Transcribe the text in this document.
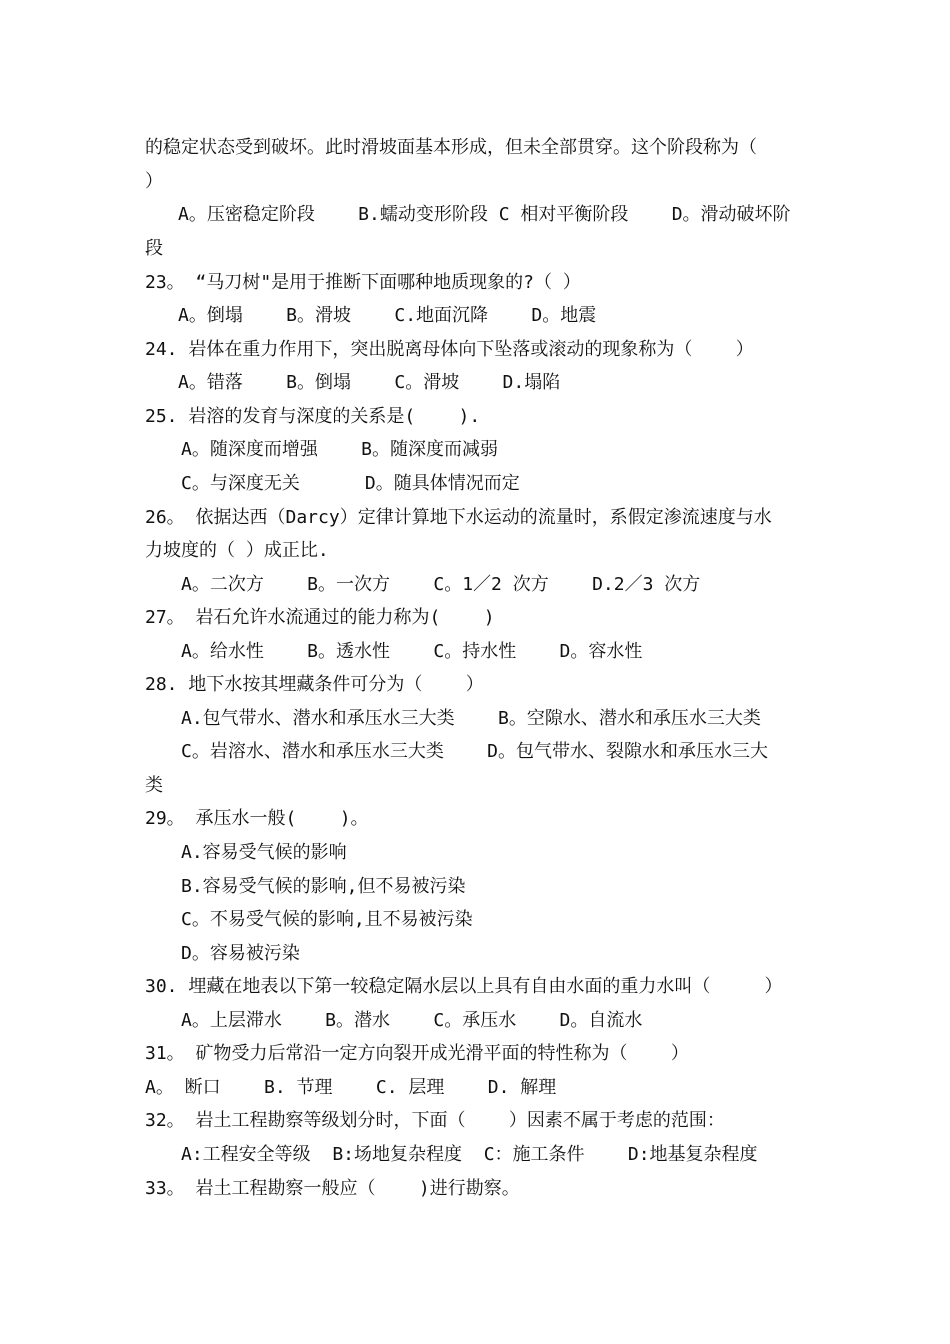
的稳定状态受到破坏。此时滑坡面基本形成，但未全部贯穿。这个阶段称为（

）

A。压密稳定阶段    B.蠕动变形阶段 C 相对平衡阶段    D。滑动破坏阶

段

23。 “马刀树"是用于推断下面哪种地质现象的?（ ）

A。倒塌    B。滑坡    C.地面沉降    D。地震

24. 岩体在重力作用下，突出脱离母体向下坠落或滚动的现象称为（    ）

A。错落    B。倒塌    C。滑坡    D.塌陷

25. 岩溶的发育与深度的关系是(    ).

A。随深度而增强    B。随深度而减弱

C。与深度无关      D。随具体情况而定

26。 依据达西（Darcy）定律计算地下水运动的流量时，系假定渗流速度与水

力坡度的（ ）成正比.

A。二次方    B。一次方    C。1／2 次方    D.2／3 次方

27。 岩石允许水流通过的能力称为(    )

A。给水性    B。透水性    C。持水性    D。容水性

28. 地下水按其埋藏条件可分为（    ）

A.包气带水、潜水和承压水三大类    B。空隙水、潜水和承压水三大类

C。岩溶水、潜水和承压水三大类    D。包气带水、裂隙水和承压水三大

类

29。 承压水一般(    )。

A.容易受气候的影响

B.容易受气候的影响,但不易被污染

C。不易受气候的影响,且不易被污染

D。容易被污染

30. 埋藏在地表以下第一较稳定隔水层以上具有自由水面的重力水叫（     ）

A。上层滞水    B。潜水    C。承压水    D。自流水

31。 矿物受力后常沿一定方向裂开成光滑平面的特性称为（    ）

A。 断口    B. 节理    C. 层理    D. 解理

32。 岩土工程勘察等级划分时，下面（    ）因素不属于考虑的范围：

A:工程安全等级  B:场地复杂程度  C：施工条件    D:地基复杂程度

33。 岩土工程勘察一般应（    )进行勘察。
